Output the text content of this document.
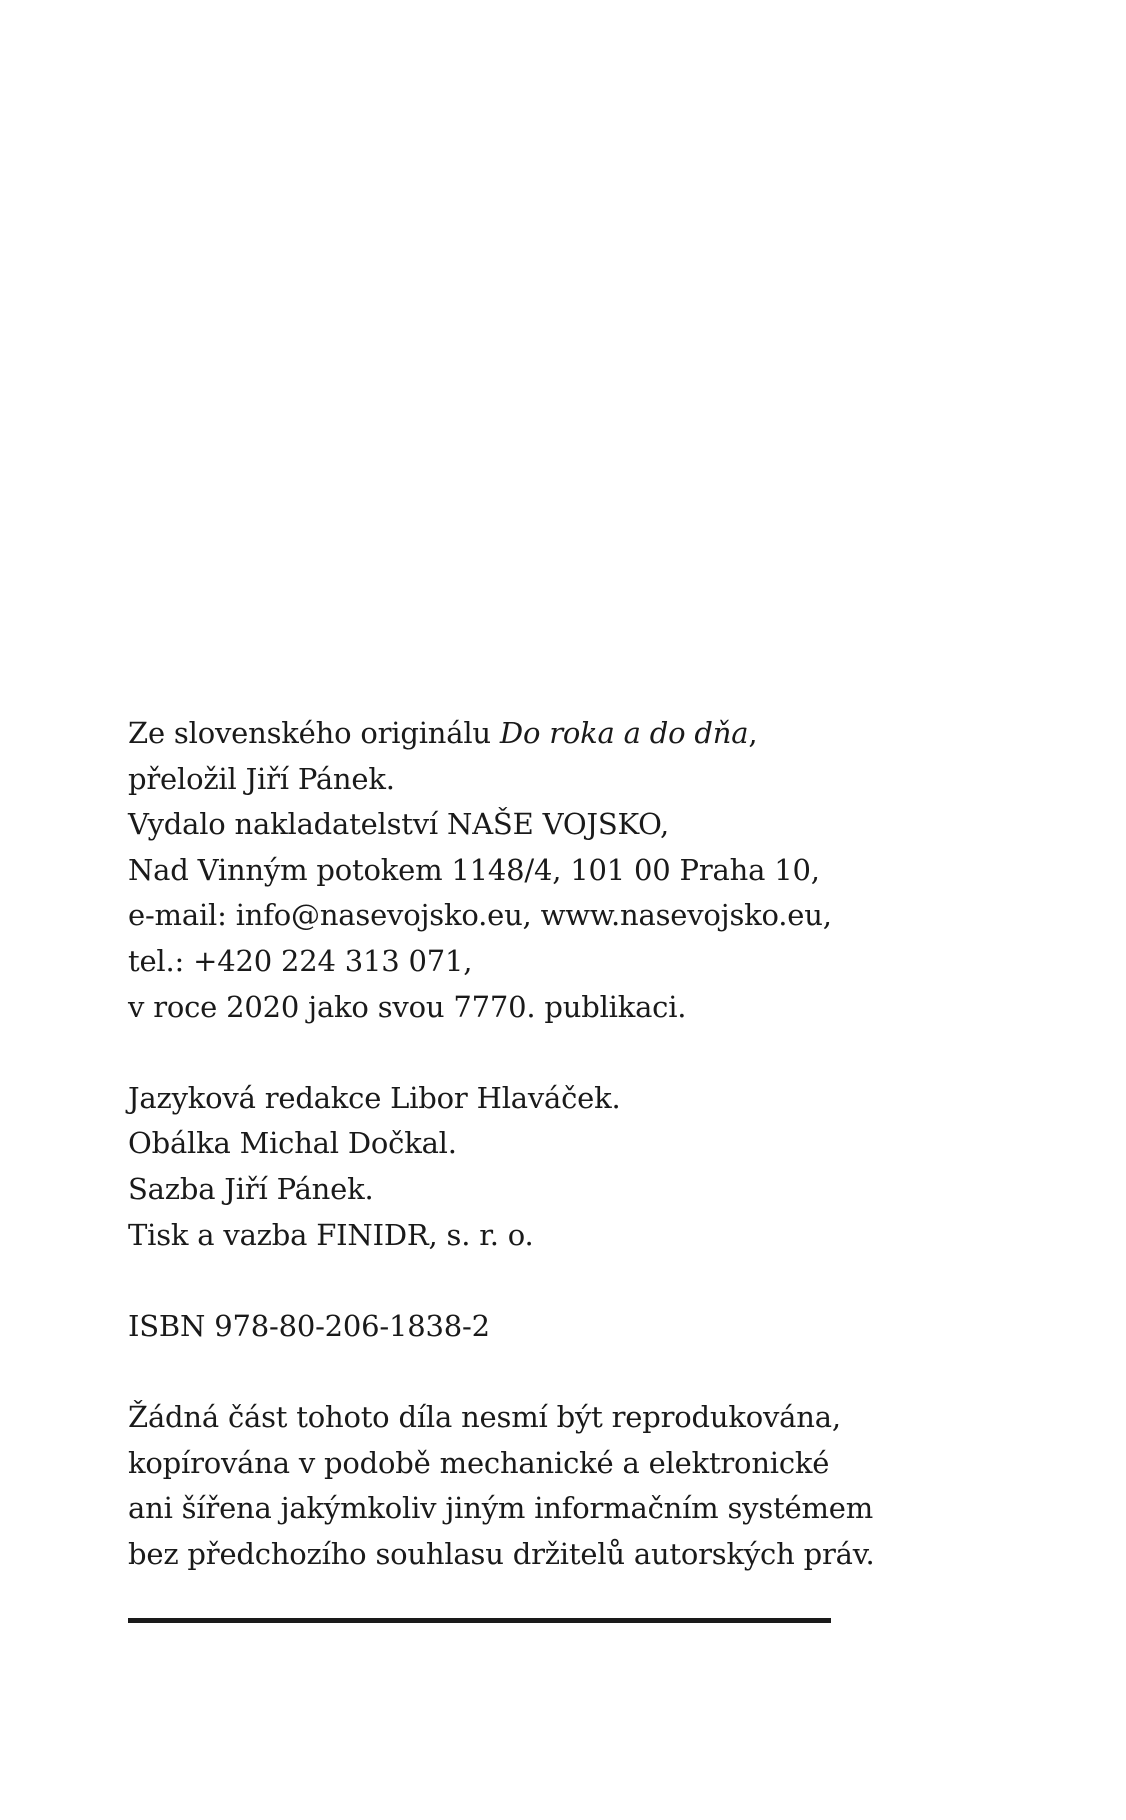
Ze slovenského originálu Do roka a do dňa,
přeložil Jiří Pánek.
Vydalo nakladatelství NAŠE VOJSKO,
Nad Vinným potokem 1148/4, 101 00 Praha 10,
e-mail: info@nasevojsko.eu, www.nasevojsko.eu,
tel.: +420 224 313 071,
v roce 2020 jako svou 7770. publikaci.

Jazyková redakce Libor Hlaváček.
Obálka Michal Dočkal.
Sazba Jiří Pánek.
Tisk a vazba FINIDR, s. r. o.

ISBN 978-80-206-1838-2

Žádná část tohoto díla nesmí být reprodukována,
kopírována v podobě mechanické a elektronické
ani šířena jakýmkoliv jiným informačním systémem
bez předchozího souhlasu držitelů autorských práv.
